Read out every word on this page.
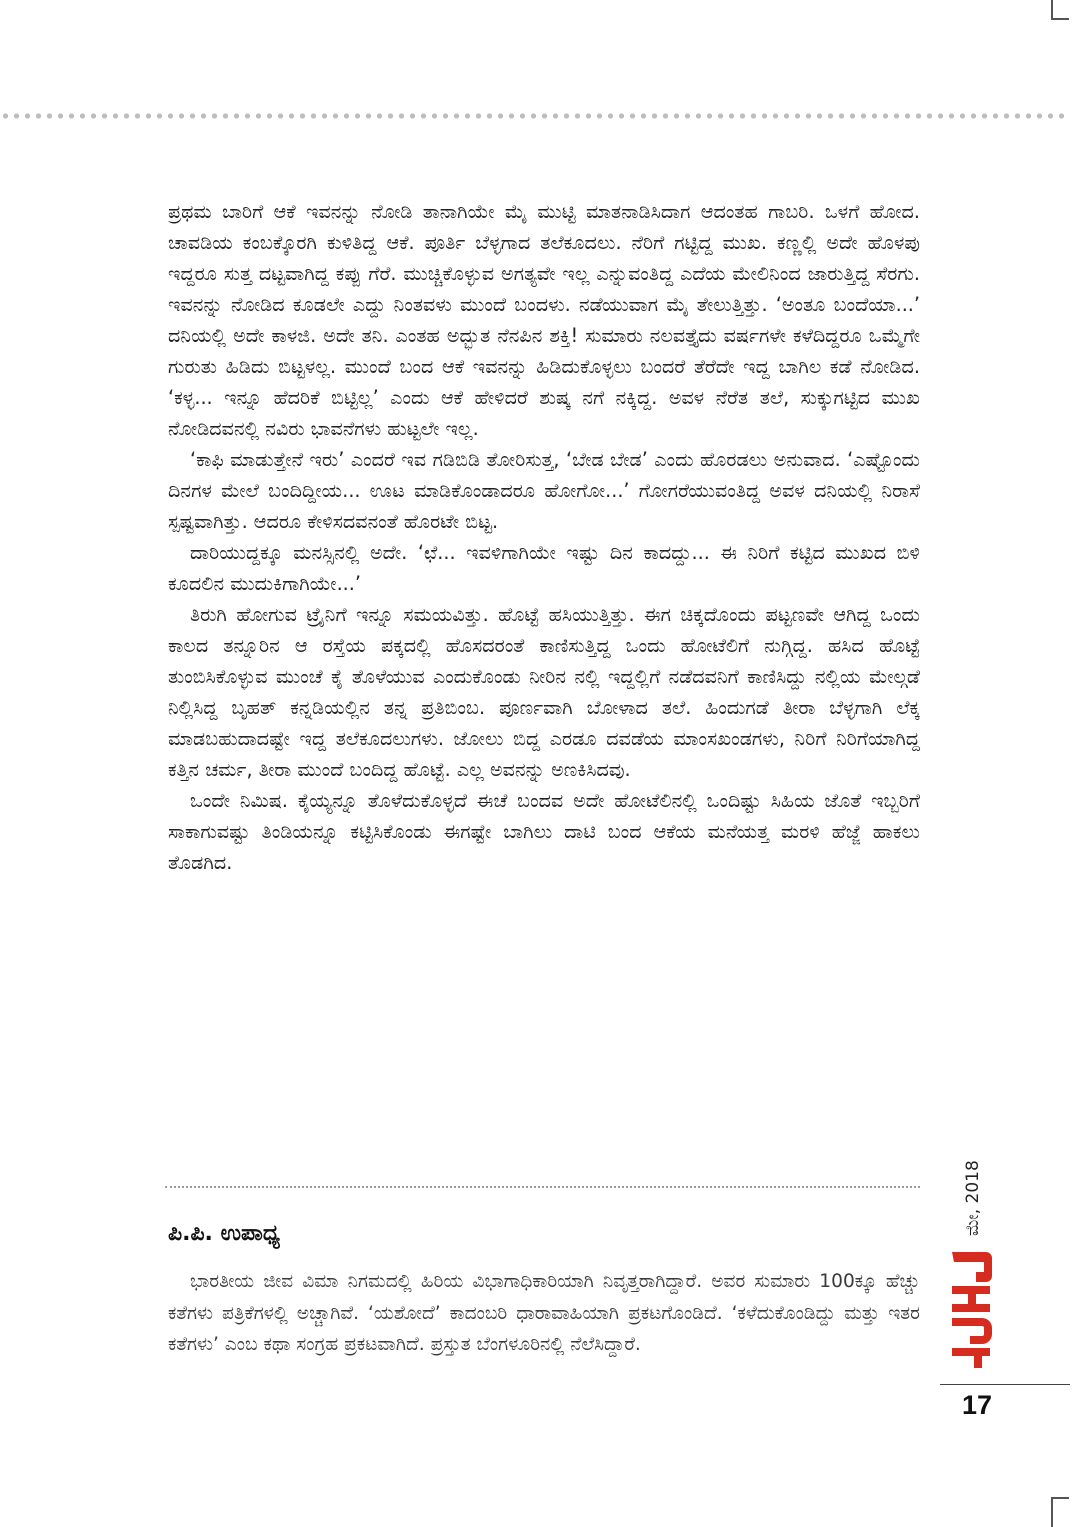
ಪ್ರಥಮ ಬಾರಿಗೆ ಆಕೆ ಇವನನ್ನು ನೋಡಿ ತಾನಾಗಿಯೇ ಮೈ ಮುಟ್ಟಿ ಮಾತನಾಡಿಸಿದಾಗ ಆದಂತಹ ಗಾಬರಿ. ಒಳಗೆ ಹೋದ. ಚಾವಡಿಯ ಕಂಬಕ್ಕೊರಗಿ ಕುಳಿತಿದ್ದ ಆಕೆ. ಪೂರ್ತಿ ಬೆಳ್ಳಗಾದ ತಲೆಕೂದಲು. ನೆರಿಗೆ ಗಟ್ಟಿದ್ದ ಮುಖ. ಕಣ್ಣಲ್ಲಿ ಅದೇ ಹೊಳಪು ಇದ್ದರೂ ಸುತ್ತ ದಟ್ಟವಾಗಿದ್ದ ಕಪ್ಪು ಗೆರೆ. ಮುಚ್ಚಿಕೊಳ್ಳುವ ಅಗತ್ಯವೇ ಇಲ್ಲ ಎನ್ನುವಂತಿದ್ದ ಎದೆಯ ಮೇಲಿನಿಂದ ಜಾರುತ್ತಿದ್ದ ಸೆರಗು. ಇವನನ್ನು ನೋಡಿದ ಕೂಡಲೇ ಎದ್ದು ನಿಂತವಳು ಮುಂದೆ ಬಂದಳು. ನಡೆಯುವಾಗ ಮೈ ತೇಲುತ್ತಿತ್ತು. ‘ಅಂತೂ ಬಂದೆಯಾ...’ ದನಿಯಲ್ಲಿ ಅದೇ ಕಾಳಜಿ. ಅದೇ ತನಿ. ಎಂತಹ ಅದ್ಭುತ ನೆನಪಿನ ಶಕ್ತಿ! ಸುಮಾರು ನಲವತ್ತೈದು ವರ್ಷಗಳೇ ಕಳೆದಿದ್ದರೂ ಒಮ್ಮೆಗೇ ಗುರುತು ಹಿಡಿದು ಬಿಟ್ಟಳಲ್ಲ. ಮುಂದೆ ಬಂದ ಆಕೆ ಇವನನ್ನು ಹಿಡಿದುಕೊಳ್ಳಲು ಬಂದರೆ ತೆರೆದೇ ಇದ್ದ ಬಾಗಿಲ ಕಡೆ ನೋಡಿದ. ‘ಕಳ್ಳ... ಇನ್ನೂ ಹೆದರಿಕೆ ಬಿಟ್ಟಿಲ್ಲ’ ಎಂದು ಆಕೆ ಹೇಳಿದರೆ ಶುಷ್ಕ ನಗೆ ನಕ್ಕಿದ್ದ. ಅವಳ ನೆರೆತ ತಲೆ, ಸುಕ್ಕುಗಟ್ಟಿದ ಮುಖ ನೋಡಿದವನಲ್ಲಿ ನವಿರು ಭಾವನೆಗಳು ಹುಟ್ಟಲೇ ಇಲ್ಲ.

‘ಕಾಫಿ ಮಾಡುತ್ತೇನೆ ಇರು’ ಎಂದರೆ ಇವ ಗಡಿಬಿಡಿ ತೋರಿಸುತ್ತ, ‘ಬೇಡ ಬೇಡ’ ಎಂದು ಹೊರಡಲು ಅನುವಾದ. ‘ಎಷ್ಟೊಂದು ದಿನಗಳ ಮೇಲೆ ಬಂದಿದ್ದೀಯ... ಊಟ ಮಾಡಿಕೊಂಡಾದರೂ ಹೋಗೋ...’ ಗೋಗರೆಯುವಂತಿದ್ದ ಅವಳ ದನಿಯಲ್ಲಿ ನಿರಾಸೆ ಸ್ಪಷ್ಟವಾಗಿತ್ತು. ಆದರೂ ಕೇಳಿಸದವನಂತೆ ಹೊರಟೇ ಬಿಟ್ಟ.

ದಾರಿಯುದ್ದಕ್ಕೂ ಮನಸ್ಸಿನಲ್ಲಿ ಅದೇ. ‘ಛೆ... ಇವಳಿಗಾಗಿಯೇ ಇಷ್ಟು ದಿನ ಕಾದದ್ದು... ಈ ನಿರಿಗೆ ಕಟ್ಟಿದ ಮುಖದ ಬಿಳಿ ಕೂದಲಿನ ಮುದುಕಿಗಾಗಿಯೇ...’

ತಿರುಗಿ ಹೋಗುವ ಟ್ರೈನಿಗೆ ಇನ್ನೂ ಸಮಯವಿತ್ತು. ಹೊಟ್ಟೆ ಹಸಿಯುತ್ತಿತ್ತು. ಈಗ ಚಿಕ್ಕದೊಂದು ಪಟ್ಟಣವೇ ಆಗಿದ್ದ ಒಂದು ಕಾಲದ ತನ್ನೂರಿನ ಆ ರಸ್ತೆಯ ಪಕ್ಕದಲ್ಲಿ ಹೊಸದರಂತೆ ಕಾಣಿಸುತ್ತಿದ್ದ ಒಂದು ಹೋಟೆಲಿಗೆ ನುಗ್ಗಿದ್ದ. ಹಸಿದ ಹೊಟ್ಟೆ ತುಂಬಿಸಿಕೊಳ್ಳುವ ಮುಂಚೆ ಕೈ ತೊಳೆಯುವ ಎಂದುಕೊಂಡು ನೀರಿನ ನಲ್ಲಿ ಇದ್ದಲ್ಲಿಗೆ ನಡೆದವನಿಗೆ ಕಾಣಿಸಿದ್ದು ನಲ್ಲಿಯ ಮೇಲ್ಗಡೆ ನಿಲ್ಲಿಸಿದ್ದ ಬೃಹತ್ ಕನ್ನಡಿಯಲ್ಲಿನ ತನ್ನ ಪ್ರತಿಬಿಂಬ. ಪೂರ್ಣವಾಗಿ ಬೋಳಾದ ತಲೆ. ಹಿಂದುಗಡೆ ತೀರಾ ಬೆಳ್ಳಗಾಗಿ ಲೆಕ್ಕ ಮಾಡಬಹುದಾದಷ್ಟೇ ಇದ್ದ ತಲೆಕೂದಲುಗಳು. ಜೋಲು ಬಿದ್ದ ಎರಡೂ ದವಡೆಯ ಮಾಂಸಖಂಡಗಳು, ನಿರಿಗೆ ನಿರಿಗೆಯಾಗಿದ್ದ ಕತ್ತಿನ ಚರ್ಮ, ತೀರಾ ಮುಂದೆ ಬಂದಿದ್ದ ಹೊಟ್ಟೆ. ಎಲ್ಲ ಅವನನ್ನು ಅಣಕಿಸಿದವು.

ಒಂದೇ ನಿಮಿಷ. ಕೈಯ್ಯನ್ನೂ ತೊಳೆದುಕೊಳ್ಳದೆ ಈಚೆ ಬಂದವ ಅದೇ ಹೋಟೆಲಿನಲ್ಲಿ ಒಂದಿಷ್ಟು ಸಿಹಿಯ ಜೊತೆ ಇಬ್ಬರಿಗೆ ಸಾಕಾಗುವಷ್ಟು ತಿಂಡಿಯನ್ನೂ ಕಟ್ಟಿಸಿಕೊಂಡು ಈಗಷ್ಟೇ ಬಾಗಿಲು ದಾಟಿ ಬಂದ ಆಕೆಯ ಮನೆಯತ್ತ ಮರಳಿ ಹೆಜ್ಜೆ ಹಾಕಲು ತೊಡಗಿದ.

ಪಿ.ಪಿ. ಉಪಾಧ್ಯ
ಭಾರತೀಯ ಜೀವ ವಿಮಾ ನಿಗಮದಲ್ಲಿ ಹಿರಿಯ ವಿಭಾಗಾಧಿಕಾರಿಯಾಗಿ ನಿವೃತ್ತರಾಗಿದ್ದಾರೆ. ಅವರ ಸುಮಾರು 100ಕ್ಕೂ ಹೆಚ್ಚು ಕತೆಗಳು ಪತ್ರಿಕೆಗಳಲ್ಲಿ ಅಚ್ಚಾಗಿವೆ. ‘ಯಶೋದೆ’ ಕಾದಂಬರಿ ಧಾರಾವಾಹಿಯಾಗಿ ಪ್ರಕಟಗೊಂಡಿದೆ. ‘ಕಳೆದುಕೊಂಡಿದ್ದು ಮತ್ತು ಇತರ ಕತೆಗಳು’ ಎಂಬ ಕಥಾ ಸಂಗ್ರಹ ಪ್ರಕಟವಾಗಿದೆ. ಪ್ರಸ್ತುತ ಬೆಂಗಳೂರಿನಲ್ಲಿ ನೆಲೆಸಿದ್ದಾರೆ.
ಮೇ, 2018
17
